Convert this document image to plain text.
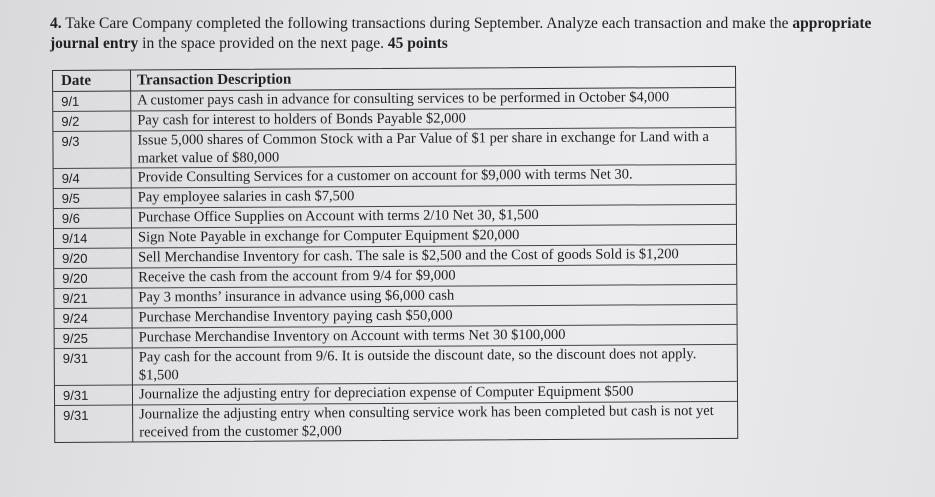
4. Take Care Company completed the following transactions during September. Analyze each transaction and make the appropriate journal entry in the space provided on the next page. 45 points
Date	Transaction Description
9/1	A customer pays cash in advance for consulting services to be performed in October $4,000
9/2	Pay cash for interest to holders of Bonds Payable $2,000
9/3	Issue 5,000 shares of Common Stock with a Par Value of $1 per share in exchange for Land with a market value of $80,000
9/4	Provide Consulting Services for a customer on account for $9,000 with terms Net 30.
9/5	Pay employee salaries in cash $7,500
9/6	Purchase Office Supplies on Account with terms 2/10 Net 30, $1,500
9/14	Sign Note Payable in exchange for Computer Equipment $20,000
9/20	Sell Merchandise Inventory for cash. The sale is $2,500 and the Cost of goods Sold is $1,200
9/20	Receive the cash from the account from 9/4 for $9,000
9/21	Pay 3 months’ insurance in advance using $6,000 cash
9/24	Purchase Merchandise Inventory paying cash $50,000
9/25	Purchase Merchandise Inventory on Account with terms Net 30 $100,000
9/31	Pay cash for the account from 9/6. It is outside the discount date, so the discount does not apply. $1,500
9/31	Journalize the adjusting entry for depreciation expense of Computer Equipment $500
9/31	Journalize the adjusting entry when consulting service work has been completed but cash is not yet received from the customer $2,000
